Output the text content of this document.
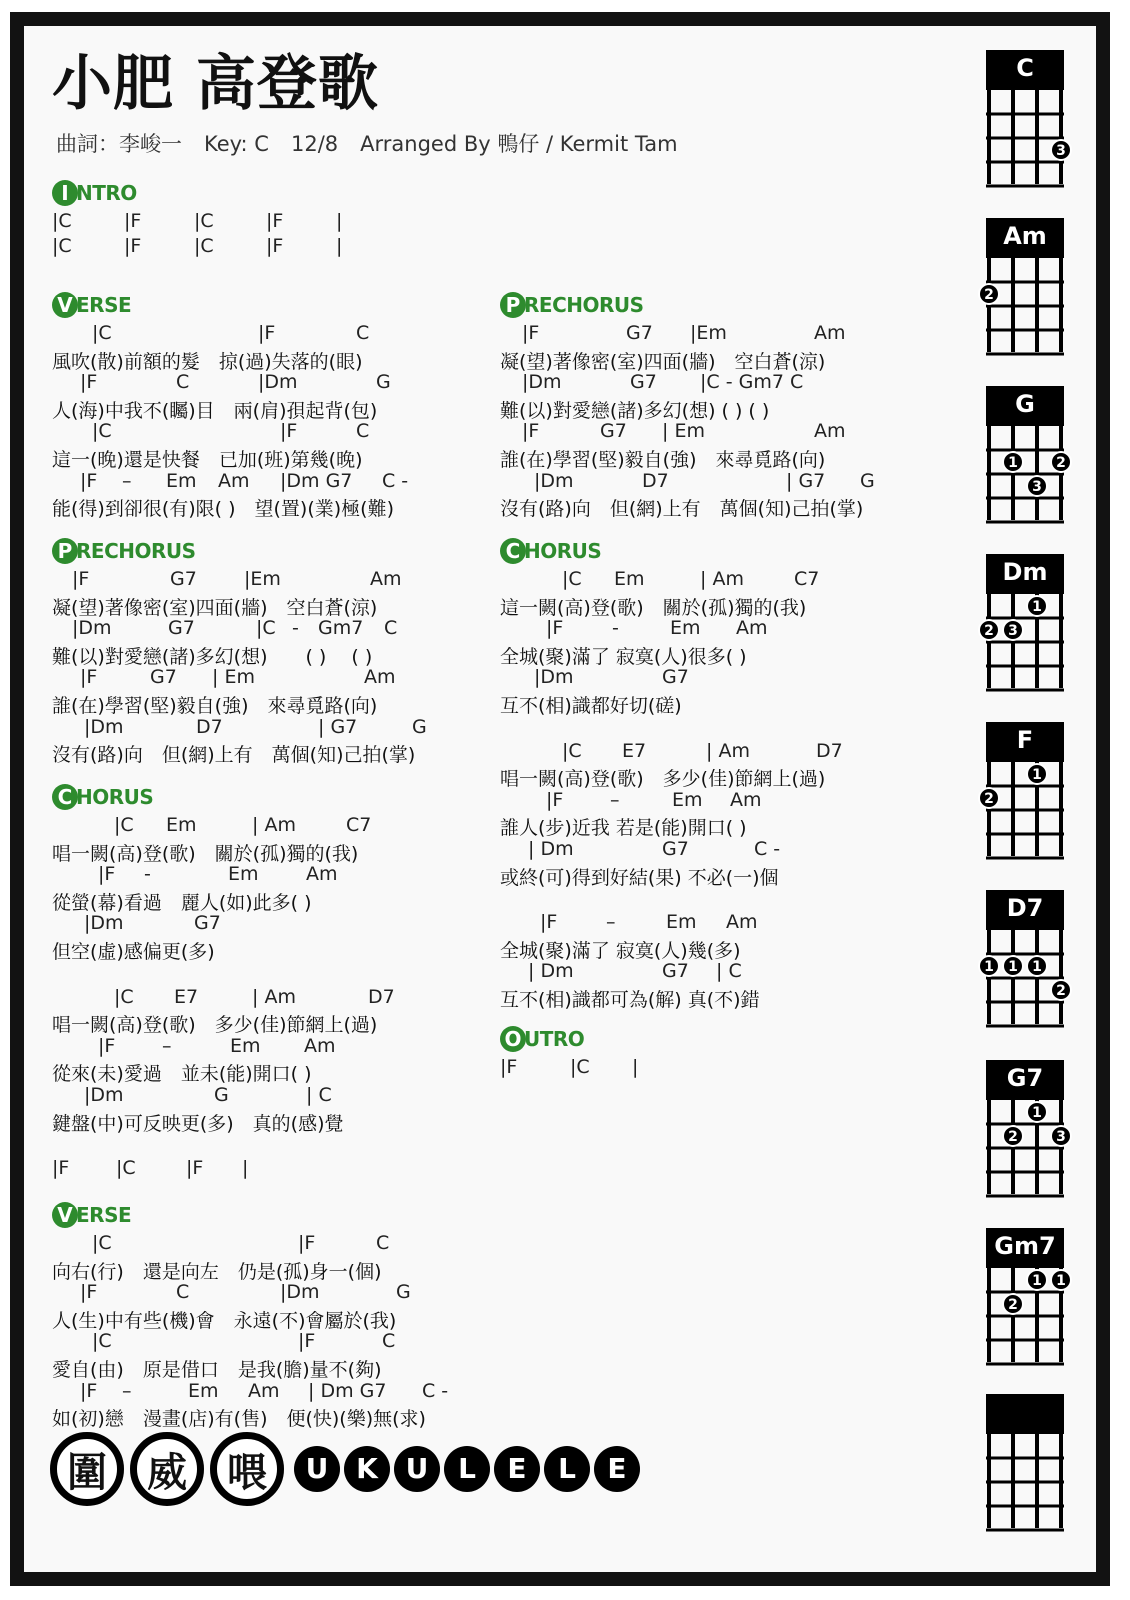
小肥 高登歌
曲詞：李峻一 Key: C 12/8 Arranged By 鴨仔 / Kermit Tam
I NTRO
|C	|F	|C	|F	|
|C	|F	|C	|F	|
V ERSE
|C	|F	C
風吹(散)前額的髮　掠(過)失落的(眼)
|F	C	|Dm	G
人(海)中我不(矚)目　兩(肩)孭起背(包)
|C	|F	C
這一(晚)還是快餐　已加(班)第幾(晚)
|F – Em Am |Dm G7 C -
能(得)到卻很(有)限( )　望(置)(業)極(難)
P RECHORUS
|F	G7 |Em	Am
凝(望)著像密(室)四面(牆)　空白蒼(涼)
|Dm	G7	|C - Gm7 C
難(以)對愛戀(諸)多幻(想)　　( )　 ( )
|F	G7 | Em	Am
誰(在)學習(堅)毅自(強)　來尋覓路(向)
|Dm	D7	| G7	G
沒有(路)向　但(網)上有　萬個(知)己拍(掌)
C HORUS
|C Em	| Am	C7
唱一闕(高)登(歌)　關於(孤)獨的(我)
|F -	Em Am
從螢(幕)看過　麗人(如)此多( )
|Dm	G7
但空(虛)感偏更(多)
|C E7	| Am	D7
唱一闕(高)登(歌)　多少(佳)節網上(過)
|F –	Em Am
從來(未)愛過　並未(能)開口( )
|Dm	G	| C
鍵盤(中)可反映更(多)　真的(感)覺
|F |C	|F |
V ERSE
|C	|F	C
向右(行)　還是向左　仍是(孤)身一(個)
|F	C	|Dm	G
人(生)中有些(機)會　永遠(不)會屬於(我)
|C	|F	C
愛自(由)　原是借口　是我(膽)量不(夠)
|F –	Em Am | Dm G7 C -
如(初)戀　漫畫(店)有(售)　便(快)(樂)無(求)
P RECHORUS
|F	G7 |Em	Am
凝(望)著像密(室)四面(牆)　空白蒼(涼)
|Dm	G7 |C - Gm7 C
難(以)對愛戀(諸)多幻(想) ( ) ( )
|F	G7 | Em	Am
誰(在)學習(堅)毅自(強)　來尋覓路(向)
|Dm	D7	| G7 G
沒有(路)向　但(網)上有　萬個(知)己拍(掌)
C HORUS
|C Em	| Am	C7
這一闕(高)登(歌)　關於(孤)獨的(我)
|F	-	Em Am
全城(聚)滿了 寂寞(人)很多( )
|Dm	G7
互不(相)識都好切(磋)
|C E7	| Am	D7
唱一闕(高)登(歌)　多少(佳)節網上(過)
|F –	Em Am
誰人(步)近我 若是(能)開口( )
| Dm	G7	C -
或終(可)得到好結(果) 不必(一)個
|F	–	Em Am
全城(聚)滿了 寂寞(人)幾(多)
| Dm	G7 | C
互不(相)識都可為(解) 真(不)錯
O UTRO
|F	|C |
C
3
Am
2
G
1	2
3
Dm
1
2 3
F
1
2
D7
1 1 1
2
G7
1
2	3
Gm7
1 1
2
圍	威	喂	U K U	L	E	L	E
